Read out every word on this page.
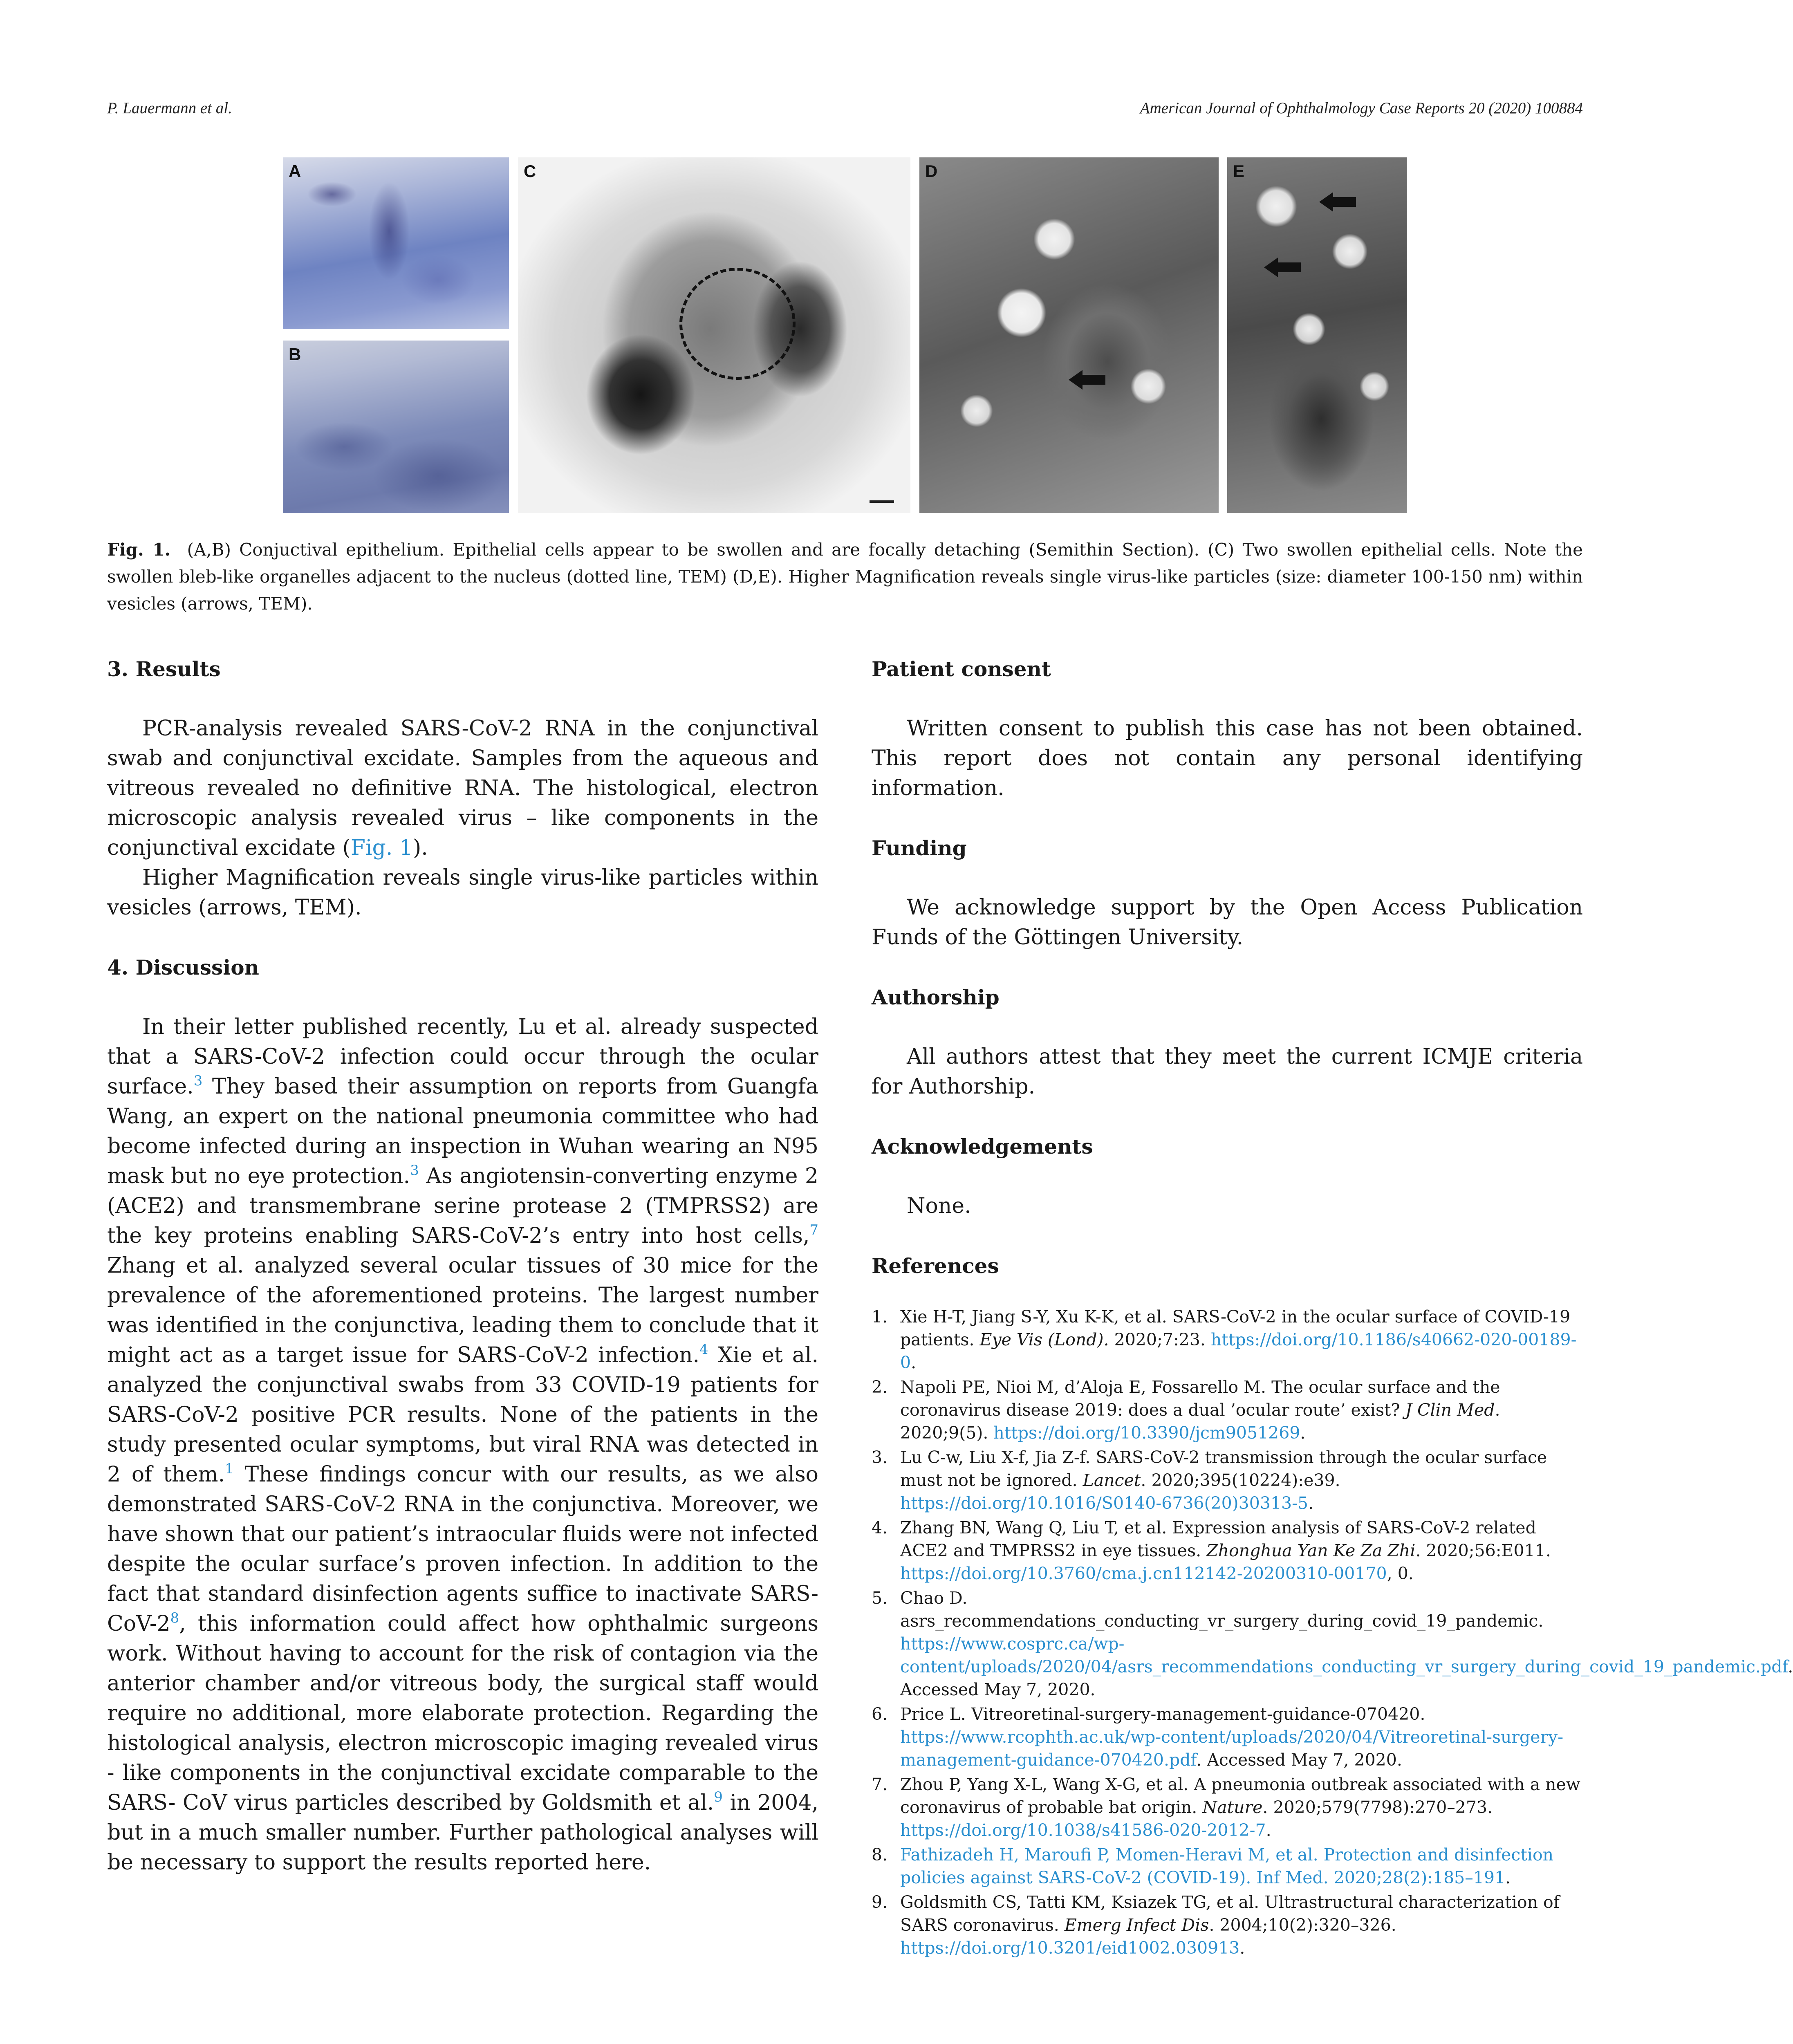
P. Lauermann et al.	American Journal of Ophthalmology Case Reports 20 (2020) 100884
A
B
C	D	E
Fig. 1. (A,B) Conjuctival epithelium. Epithelial cells appear to be swollen and are focally detaching (Semithin Section). (C) Two swollen epithelial cells. Note the swollen bleb-like organelles adjacent to the nucleus (dotted line, TEM) (D,E). Higher Magnification reveals single virus-like particles (size: diameter 100-150 nm) within vesicles (arrows, TEM).
3. Results

PCR-analysis revealed SARS-CoV-2 RNA in the conjunctival swab and conjunctival excidate. Samples from the aqueous and vitreous revealed no definitive RNA. The histological, electron microscopic analysis revealed virus – like components in the conjunctival excidate (Fig. 1).

Higher Magnification reveals single virus-like particles within vesicles (arrows, TEM).

4. Discussion

In their letter published recently, Lu et al. already suspected that a SARS-CoV-2 infection could occur through the ocular surface.$^3$ They based their assumption on reports from Guangfa Wang, an expert on the national pneumonia committee who had become infected during an inspection in Wuhan wearing an N95 mask but no eye protection.$^3$ As angiotensin-converting enzyme 2 (ACE2) and transmembrane serine protease 2 (TMPRSS2) are the key proteins enabling SARS-CoV-2’s entry into host cells,$^7$ Zhang et al. analyzed several ocular tissues of 30 mice for the prevalence of the aforementioned proteins. The largest number was identified in the conjunctiva, leading them to conclude that it might act as a target issue for SARS-CoV-2 infection.$^4$ Xie et al. analyzed the conjunctival swabs from 33 COVID-19 patients for SARS-CoV-2 positive PCR results. None of the patients in the study presented ocular symptoms, but viral RNA was detected in 2 of them.$^1$ These findings concur with our results, as we also demonstrated SARS-CoV-2 RNA in the conjunctiva. Moreover, we have shown that our patient’s intraocular fluids were not infected despite the ocular surface’s proven infection. In addition to the fact that standard disinfection agents suffice to inactivate SARS-$CoV-2^8$, this information could affect how ophthalmic surgeons work. Without having to account for the risk of contagion via the anterior chamber and/or vitreous body, the surgical staff would require no additional, more elaborate protection. Regarding the histological analysis, electron microscopic imaging revealed virus - like components in the conjunctival excidate comparable to the SARS- CoV virus particles described by Goldsmith et al.$^9$ in 2004, but in a much smaller number. Further pathological analyses will be necessary to support the results reported here.

Patient consent

Written consent to publish this case has not been obtained. This report does not contain any personal identifying information.

Funding

We acknowledge support by the Open Access Publication Funds of the Göttingen University.

Authorship

All authors attest that they meet the current ICMJE criteria for Authorship.

Acknowledgements

None.

References
1. Xie H-T, Jiang S-Y, Xu K-K, et al. SARS-CoV-2 in the ocular surface of COVID-19 patients. Eye Vis (Lond). 2020;7:23. https://doi.org/10.1186/s40662-020-00189-0.
2. Napoli PE, Nioi M, d’Aloja E, Fossarello M. The ocular surface and the coronavirus disease 2019: does a dual ’ocular route’ exist? J Clin Med. 2020;9(5). https://doi.org/10.3390/jcm9051269.
3. Lu C-w, Liu X-f, Jia Z-f. SARS-CoV-2 transmission through the ocular surface must not be ignored. Lancet. 2020;395(10224):e39. https://doi.org/10.1016/S0140-6736(20)30313-5.
4. Zhang BN, Wang Q, Liu T, et al. Expression analysis of SARS-CoV-2 related ACE2 and TMPRSS2 in eye tissues. Zhonghua Yan Ke Za Zhi. 2020;56:E011. https://doi.org/10.3760/cma.j.cn112142-20200310-00170, 0.
5. Chao D. asrs_recommendations_conducting_vr_surgery_during_covid_19_pandemic. https://www.cosprc.ca/wp-content/uploads/2020/04/asrs_recommendations_conducting_vr_surgery_during_covid_19_pandemic.pdf. Accessed May 7, 2020.
6. Price L. Vitreoretinal-surgery-management-guidance-070420. https://www.rcophth.ac.uk/wp-content/uploads/2020/04/Vitreoretinal-surgery-management-guidance-070420.pdf. Accessed May 7, 2020.
7. Zhou P, Yang X-L, Wang X-G, et al. A pneumonia outbreak associated with a new coronavirus of probable bat origin. Nature. 2020;579(7798):270–273. https://doi.org/10.1038/s41586-020-2012-7.
8. Fathizadeh H, Maroufi P, Momen-Heravi M, et al. Protection and disinfection policies against SARS-CoV-2 (COVID-19). Inf Med. 2020;28(2):185–191.
9. Goldsmith CS, Tatti KM, Ksiazek TG, et al. Ultrastructural characterization of SARS coronavirus. Emerg Infect Dis. 2004;10(2):320–326. https://doi.org/10.3201/eid1002.030913.
